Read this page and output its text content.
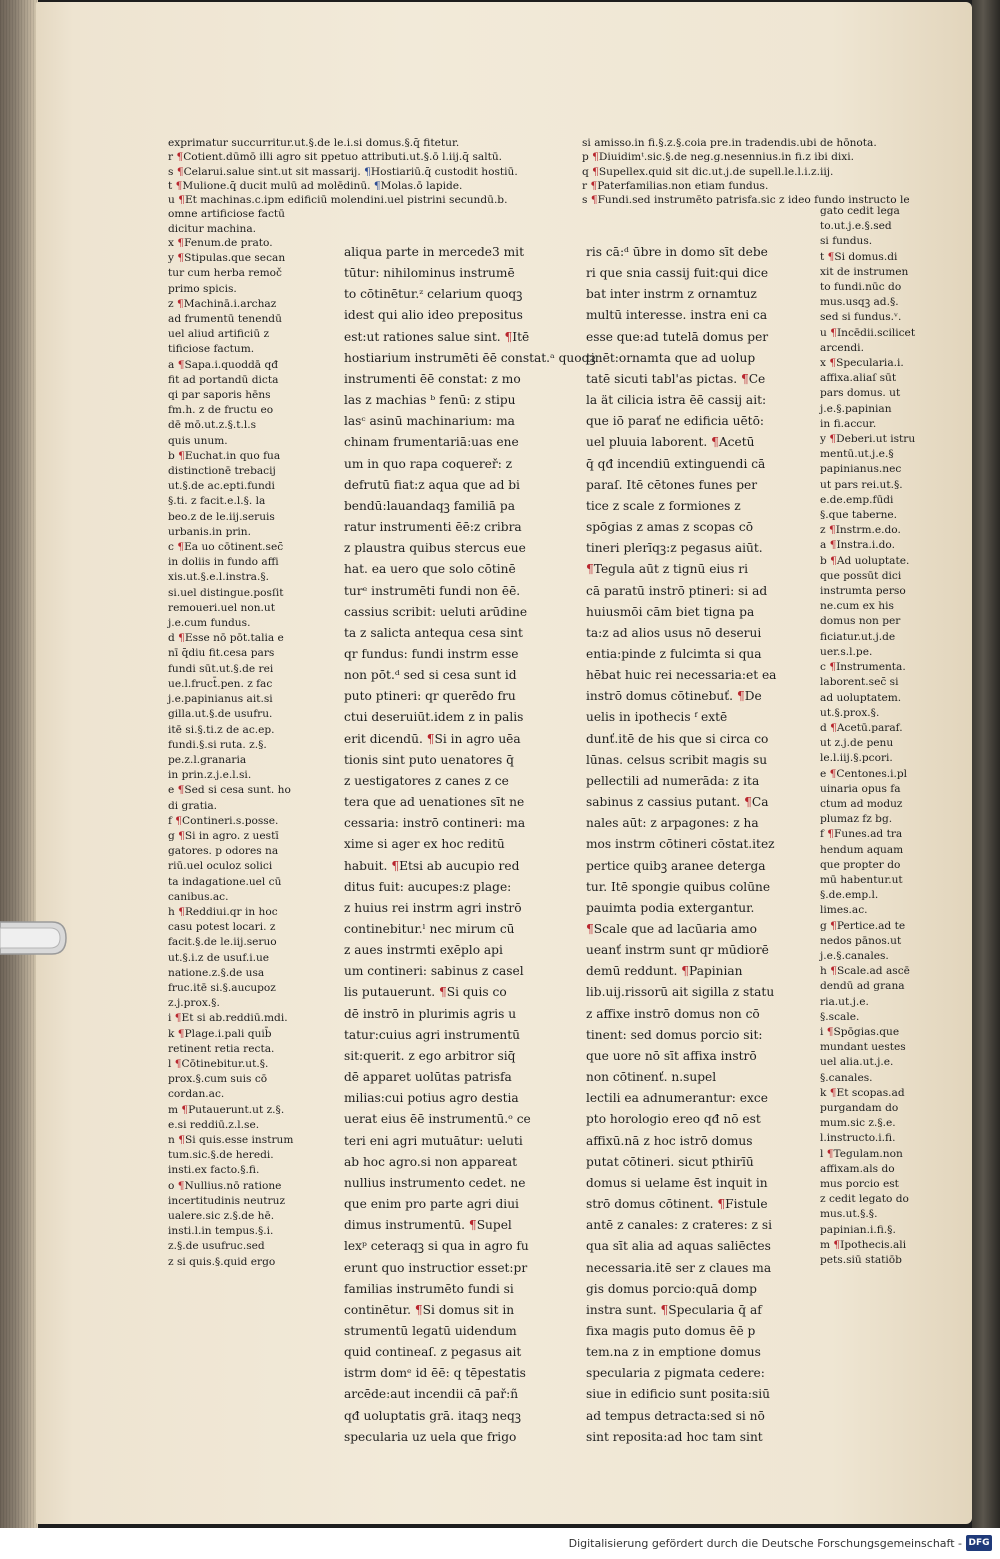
exprimatur succurritur.ut.§.de le.i.si domus.§.q̄ fitetur.
r ¶Cotient.dūmō illi agro sit ppetuo attributi.ut.§.ō l.iij.q̄ saltū.
s ¶Celarui.salue sint.ut sit massarij. ¶Hostiariū.q̄ custodit hostiū.
t ¶Mulione.q̄ ducit mulū ad molēdinū. ¶Molas.ō lapide.
u ¶Et machinas.c.ipm edificiū molendini.uel pistrini secundū.b.
omne artificiose factū
dicitur machina.
x ¶Fenum.de prato.
y ¶Stipulas.que secan
tur cum herba remoč
primo spicis.
z ¶Machinā.i.archaz
ad frumentū tenendū
uel aliud artificiū z
tificiose factum.
a ¶Sapa.i.quoddā qđ
fit ad portandū dicta
qi par saporis hēns
fm.h. z de fructu eo
dē mō.ut.z.§.t.l.s
quis unum.
b ¶Euchat.in quo fua
distinctionē trebacij
ut.§.de ac.epti.fundi
§.ti. z facit.e.l.§. la
beo.z de le.iij.seruis
urbanis.in prin.
c ¶Ea uo cōtinent.sec̄
in doliis in fundo affi
xis.ut.§.e.l.instra.§.
si.uel distingue.posſit
remoueri.uel non.ut
j.e.cum fundus.
d ¶Esse nō pōt.talia e
nī q̄diu fit.cesa pars
fundi sūt.ut.§.de rei
ue.l.fruct̄.pen. z fac
j.e.papinianus ait.si
gilla.ut.§.de usufru.
itē si.§.ti.z de ac.ep.
fundi.§.si ruta. z.§.
pe.z.l.granaria
in prin.z.j.e.l.si.
e ¶Sed si cesa sunt. ho
di gratia.
f ¶Contineri.s.posse.
g ¶Si in agro. z uestī
gatores. p odores na
riū.uel oculoz solici
ta indagatione.uel cū
canibus.ac.
h ¶Reddiui.qr in hoc
casu potest locari. z
facit.§.de le.iij.seruo
ut.§.i.z de usuf.i.ue
natione.z.§.de usa
fruc.itē si.§.aucupoz
z.j.prox.§.
i ¶Et si ab.reddiū.mdi.
k ¶Plage.i.pali quib̄
retinent retia recta.
l ¶Cōtinebitur.ut.§.
prox.§.cum suis cō
cordan.ac.
m ¶Putauerunt.ut z.§.
e.si reddiū.z.l.se.
n ¶Si quis.esse instrum
tum.sic.§.de heredi.
insti.ex facto.§.fi.
o ¶Nullius.nō ratione
incertitudinis neutruz
ualere.sic z.§.de hē.
insti.l.in tempus.§.i.
z.§.de usufruc.sed
z si quis.§.quid ergo
aliqua parte in mercede3 mit
tūtur: nihilominus instrumē
to cōtinētur.ᶻ celarium quoqꝫ
idest qui alio ideo prepositus
est:ut rationes salue sint. ¶Itē
hostiarium instrumēti ēē constat.ᵃ quoqꝫ
instrumenti ēē constat: z mo
las z machias ᵇ fenū: z stipu
lasᶜ asinū machinarium: ma
chinam frumentariā:uas ene
um in quo rapa coquereř: z
defrutū fiat:z aqua que ad bi
bendū:lauandaqꝫ familiā pa
ratur instrumenti ēē:z cribra
z plaustra quibus stercus eue
hat. ea uero que solo cōtinē
turᵉ instrumēti fundi non ēē.
cassius scribit: ueluti arūdine
ta z salicta antequa cesa sint
qr fundus: fundi instrm esse
non pōt.ᵈ sed si cesa sunt id
puto ptineri: qr querēdo fru
ctui deseruiūt.idem z in palis
erit dicendū. ¶Si in agro uēa
tionis sint puto uenatores q̄
z uestigatores z canes z ce
tera que ad uenationes sīt ne
cessaria: instrō contineri: ma
xime si ager ex hoc reditū
habuit. ¶Etsi ab aucupio red
ditus fuit: aucupes:z plage:
z huius rei instrm agri instrō
continebitur.ˡ nec mirum cū
z aues instrmti exēplo api
um contineri: sabinus z casel
lis putauerunt. ¶Si quis co
dē instrō in plurimis agris u
tatur:cuius agri instrumentū
sit:querit. z ego arbitror siq̄
dē apparet uolūtas patrisfa
milias:cui potius agro destia
uerat eius ēē instrumentū.ᵒ ce
teri eni agri mutuātur: ueluti
ab hoc agro.si non appareat
nullius instrumento cedet. ne
que enim pro parte agri diui
dimus instrumentū. ¶Supel
lexᵖ ceteraqꝫ si qua in agro fu
erunt quo instructior esset:pr
familias instrumēto fundi si
continētur. ¶Si domus sit in
strumentū legatū uidendum
quid contineaſ. z pegasus ait
istrm domᵉ id ēē: q tēpestatis
arcēde:aut incendii cā pař:ñ
qđ uoluptatis grā. itaqꝫ neqꝫ
specularia uz uela que frigo
ris cā:ᵈ ūbre in domo sīt debe
ri que snia cassij fuit:qui dice
bat inter instrm z ornamtuz
multū interesse. instra eni ca
esse que:ad tutelā domus per
tinēt:ornamta que ad uolup
tatē sicuti tabl'as pictas. ¶Ce
la ät cilicia istra ēē cassij ait:
que iō parať ne edificia uētō:
uel pluuia laborent. ¶Acetū
q̄ qđ incendiū extinguendi cā
paraſ. Itē cētones funes per
tice z scale z formiones z
spōgias z amas z scopas cō
tineri plerīqꝫ:z pegasus aiūt.
¶Tegula aūt z tignū eius ri
cā paratū instrō ptineri: si ad
huiusmōi cām biet tigna pa
ta:z ad alios usus nō deserui
entia:pinde z fulcimta si qua
hēbat huic rei necessaria:et ea
instrō domus cōtinebuť. ¶De
uelis in ipothecis ᶠ extē
dunť.itē de his que si circa co
lūnas. celsus scribit magis su
pellectili ad numerāda: z ita
sabinus z cassius putant. ¶Ca
nales aūt: z arpagones: z ha
mos instrm cōtineri cōstat.itez
pertice quibꝫ aranee deterga
tur. Itē spongie quibus colūne
pauimta podia extergantur.
¶Scale que ad lacūaria amo
ueanť instrm sunt qr mūdiorē
demū reddunt. ¶Papinian
lib.uij.rissorū ait sigilla z statu
z affixe instrō domus non cō
tinent: sed domus porcio sit:
que uore nō sīt affixa instrō
non cōtinenť. n.supel
lectili ea adnumerantur: exce
pto horologio ereo qđ nō est
affixū.nā z hoc istrō domus
putat cōtineri. sicut pthirīū
domus si uelame ēst inquit in
strō domus cōtinent. ¶Fistule
antē z canales: z crateres: z si
qua sīt alia ad aquas saliēctes
necessaria.itē ser z claues ma
gis domus porcio:quā domp
instra sunt. ¶Specularia q̄ af
fixa magis puto domus ēē p
tem.na z in emptione domus
specularia z pigmata cedere:
siue in edificio sunt posita:siū
ad tempus detracta:sed si nō
sint reposita:ad hoc tam sint
si amisso.in fi.§.z.§.coia pre.in tradendis.ubi de hōnota.
p ¶Diuidimᵗ.sic.§.de neg.g.nesennius.in fi.z ibi dixi.
q ¶Supellex.quid sit dic.ut.j.de supell.le.l.i.z.iij.
r ¶Paterfamilias.non etiam fundus.
s ¶Fundi.sed instrumēto patrisfa.sic z ideo fundo instructo le
gato cedit lega
to.ut.j.e.§.sed
si fundus.
t ¶Si domus.di
xit de instrumen
to fundi.nūc do
mus.usqꝫ ad.§.
sed si fundus.ᵛ.
u ¶Incēdii.scilicet
arcendi.
x ¶Specularia.i.
affixa.aliaſ sūt
pars domus. ut
j.e.§.papinian
in fi.accur.
y ¶Deberi.ut istru
mentū.ut.j.e.§
papinianus.nec
ut pars rei.ut.§.
e.de.emp.fūdi
§.que taberne.
z ¶Instrm.e.do.
a ¶Instra.i.do.
b ¶Ad uoluptate.
que possūt dici
instrumta perso
ne.cum ex his
domus non per
ficiatur.ut.j.de
uer.s.l.pe.
c ¶Instrumenta.
laborent.sec̄ si
ad uoluptatem.
ut.§.prox.§.
d ¶Acetū.paraf.
ut z.j.de penu
le.l.iij.§.pcori.
e ¶Centones.i.pl
uinaria opus fa
ctum ad moduz
plumaz fz bg.
f ¶Funes.ad tra
hendum aquam
que propter do
mū habentur.ut
§.de.emp.l.
limes.ac.
g ¶Pertice.ad te
nedos pānos.ut
j.e.§.canales.
h ¶Scale.ad ascē
dendū ad grana
ria.ut.j.e.
§.scale.
i ¶Spōgias.que
mundant uestes
uel alia.ut.j.e.
§.canales.
k ¶Et scopas.ad
purgandam do
mum.sic z.§.e.
l.instructo.i.fi.
l ¶Tegulam.non
affixam.als do
mus porcio est
z cedit legato do
mus.ut.§.§.
papinian.i.fi.§.
m ¶Ipothecis.ali
pets.siū statiōb
Digitalisierung gefördert durch die Deutsche Forschungsgemeinschaft - DFG
